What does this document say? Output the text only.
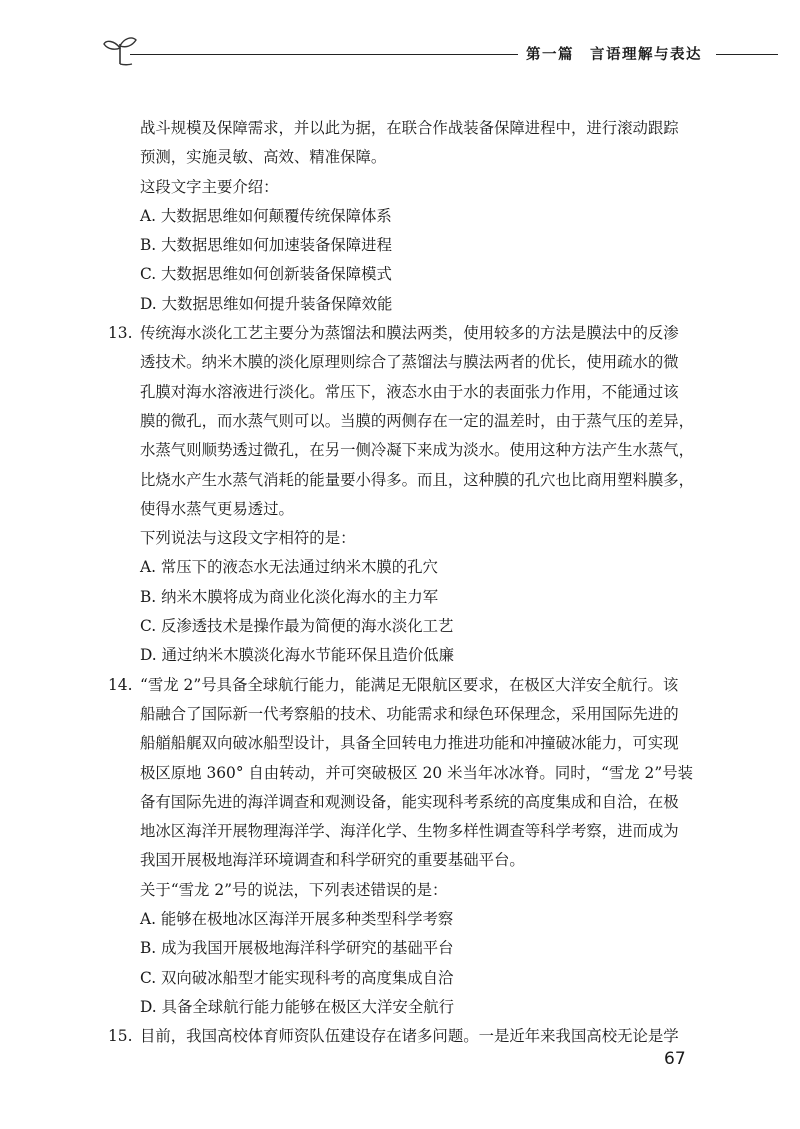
第一篇　言语理解与表达
战斗规模及保障需求，并以此为据，在联合作战装备保障进程中，进行滚动跟踪
预测，实施灵敏、高效、精准保障。
这段文字主要介绍：
A. 大数据思维如何颠覆传统保障体系
B. 大数据思维如何加速装备保障进程
C. 大数据思维如何创新装备保障模式
D. 大数据思维如何提升装备保障效能
13. 传统海水淡化工艺主要分为蒸馏法和膜法两类，使用较多的方法是膜法中的反渗
透技术。纳米木膜的淡化原理则综合了蒸馏法与膜法两者的优长，使用疏水的微
孔膜对海水溶液进行淡化。常压下，液态水由于水的表面张力作用，不能通过该
膜的微孔，而水蒸气则可以。当膜的两侧存在一定的温差时，由于蒸气压的差异，
水蒸气则顺势透过微孔，在另一侧冷凝下来成为淡水。使用这种方法产生水蒸气，
比烧水产生水蒸气消耗的能量要小得多。而且，这种膜的孔穴也比商用塑料膜多，
使得水蒸气更易透过。
下列说法与这段文字相符的是：
A. 常压下的液态水无法通过纳米木膜的孔穴
B. 纳米木膜将成为商业化淡化海水的主力军
C. 反渗透技术是操作最为简便的海水淡化工艺
D. 通过纳米木膜淡化海水节能环保且造价低廉
14. “雪龙 2”号具备全球航行能力，能满足无限航区要求，在极区大洋安全航行。该
船融合了国际新一代考察船的技术、功能需求和绿色环保理念，采用国际先进的
船艏船艉双向破冰船型设计，具备全回转电力推进功能和冲撞破冰能力，可实现
极区原地 360° 自由转动，并可突破极区 20 米当年冰冰脊。同时，“雪龙 2”号装
备有国际先进的海洋调查和观测设备，能实现科考系统的高度集成和自洽，在极
地冰区海洋开展物理海洋学、海洋化学、生物多样性调查等科学考察，进而成为
我国开展极地海洋环境调查和科学研究的重要基础平台。
关于“雪龙 2”号的说法，下列表述错误的是：
A. 能够在极地冰区海洋开展多种类型科学考察
B. 成为我国开展极地海洋科学研究的基础平台
C. 双向破冰船型才能实现科考的高度集成自洽
D. 具备全球航行能力能够在极区大洋安全航行
15. 目前，我国高校体育师资队伍建设存在诸多问题。一是近年来我国高校无论是学
67
